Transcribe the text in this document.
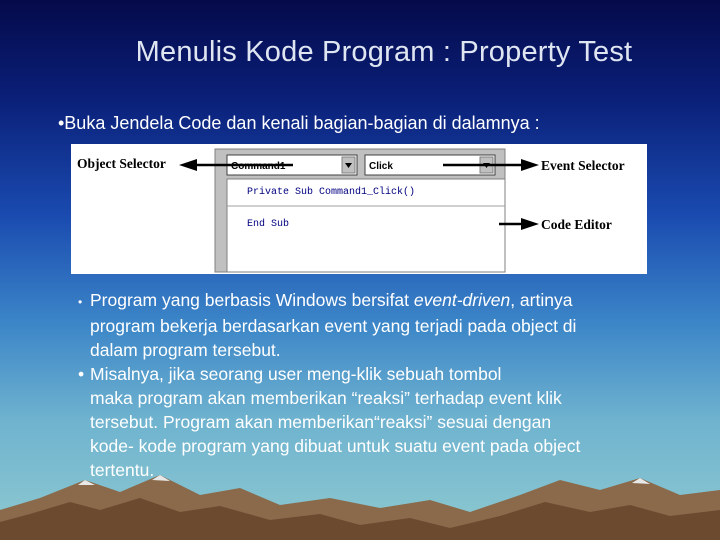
Menulis Kode Program : Property Test
•Buka Jendela Code dan kenali bagian-bagian di dalamnya :
Command1	Click
Private Sub Command1_Click()
End Sub
Object Selector	Event Selector
Code Editor

• Program yang berbasis Windows bersifat event-driven, artinya
program bekerja berdasarkan event yang terjadi pada object di
dalam program tersebut.

• Misalnya, jika seorang user meng-klik sebuah tombol
maka program akan memberikan “reaksi” terhadap event klik
tersebut. Program akan memberikan“reaksi” sesuai dengan
kode- kode program yang dibuat untuk suatu event pada object
tertentu.
